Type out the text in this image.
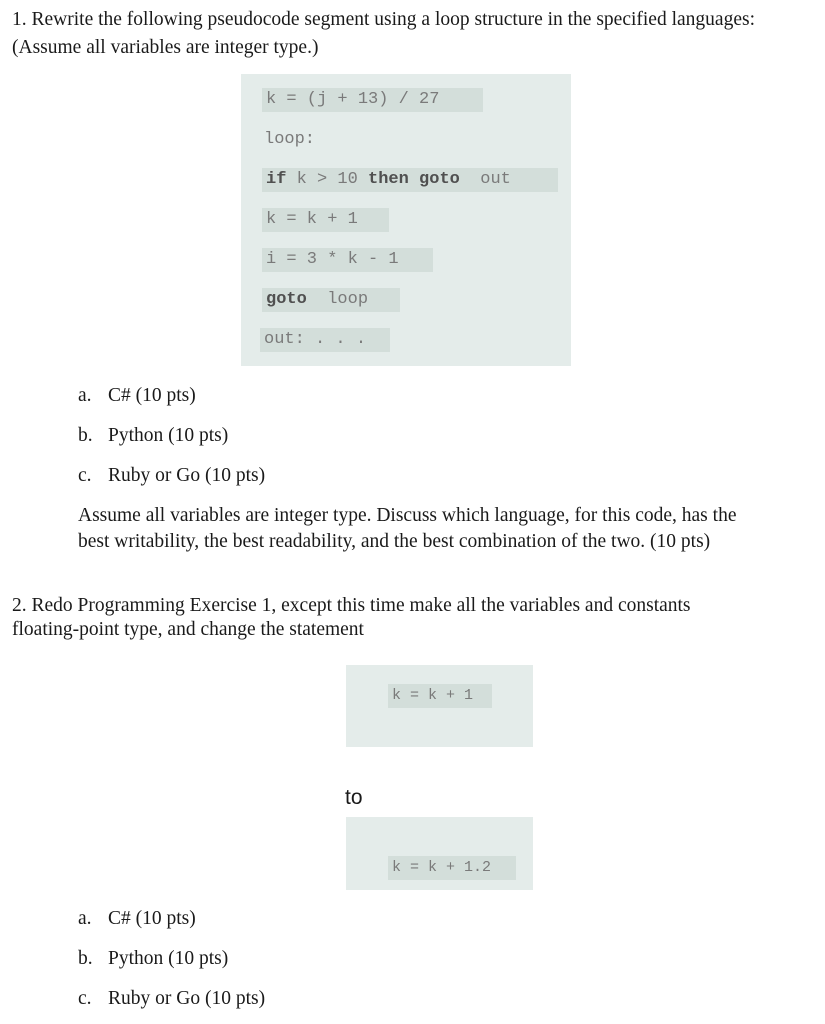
1. Rewrite the following pseudocode segment using a loop structure in the specified languages:
(Assume all variables are integer type.)
k = (j + 13) / 27
loop:
if k > 10 then goto  out
k = k + 1
i = 3 * k - 1
goto  loop
out: . . .
a. C# (10 pts)
b. Python (10 pts)
c. Ruby or Go (10 pts)
Assume all variables are integer type. Discuss which language, for this code, has the
best writability, the best readability, and the best combination of the two. (10 pts)
2. Redo Programming Exercise 1, except this time make all the variables and constants
floating-point type, and change the statement
k = k + 1
to
k = k + 1.2
a. C# (10 pts)
b. Python (10 pts)
c. Ruby or Go (10 pts)
